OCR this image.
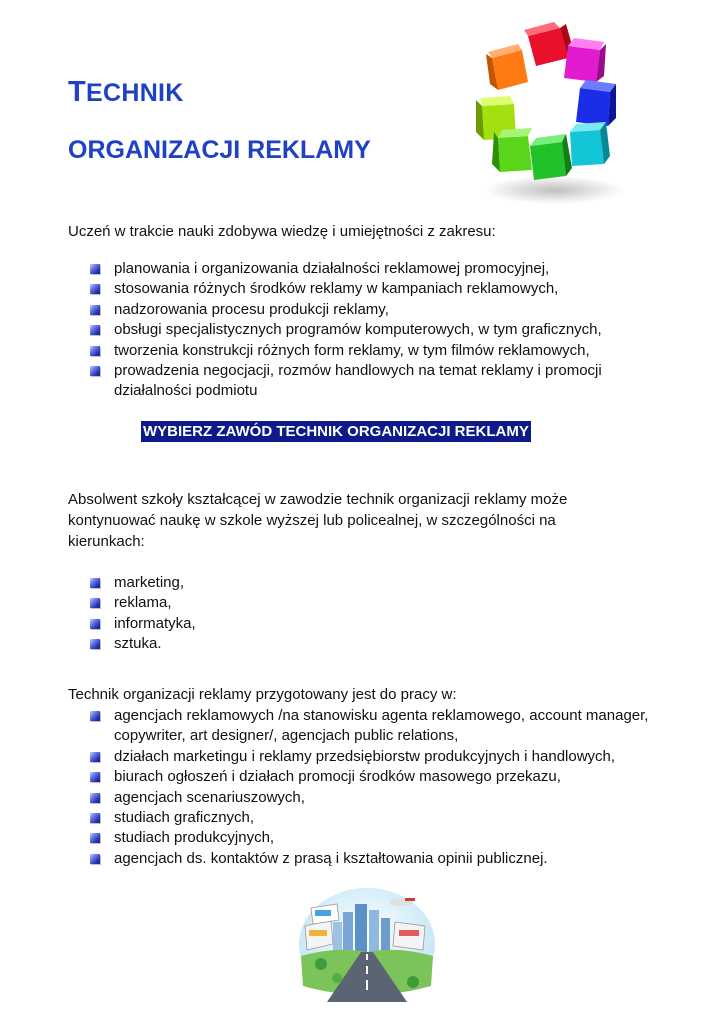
TECHNIK
ORGANIZACJI REKLAMY
Uczeń w trakcie nauki zdobywa wiedzę i umiejętności z zakresu:
planowania i organizowania działalności reklamowej promocyjnej,
stosowania różnych środków reklamy w kampaniach reklamowych,
nadzorowania procesu produkcji reklamy,
obsługi specjalistycznych programów komputerowych, w tym graficznych,
tworzenia konstrukcji różnych form reklamy, w tym filmów reklamowych,
prowadzenia negocjacji, rozmów handlowych na temat reklamy i promocji działalności podmiotu
WYBIERZ ZAWÓD TECHNIK ORGANIZACJI REKLAMY
Absolwent szkoły kształcącej w zawodzie technik organizacji reklamy może
kontynuować naukę w szkole wyższej lub policealnej, w szczególności na
kierunkach:
marketing,
reklama,
informatyka,
sztuka.
Technik organizacji reklamy przygotowany jest do pracy w:
agencjach reklamowych /na stanowisku agenta reklamowego, account manager, copywriter, art designer/, agencjach public relations,
działach marketingu i reklamy przedsiębiorstw produkcyjnych i handlowych,
biurach ogłoszeń i działach promocji środków masowego przekazu,
agencjach scenariuszowych,
studiach graficznych,
studiach produkcyjnych,
agencjach ds. kontaktów z prasą i kształtowania opinii publicznej.
